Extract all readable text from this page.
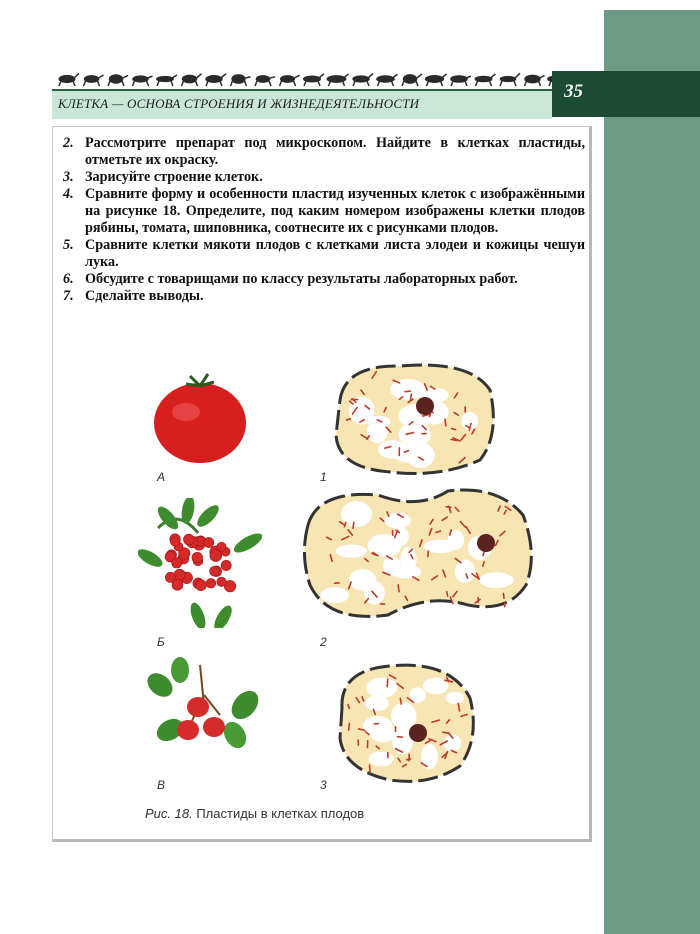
КЛЕТКА — ОСНОВА СТРОЕНИЯ И ЖИЗНЕДЕЯТЕЛЬНОСТИ
35
2. Рассмотрите препарат под микроскопом. Найдите в клетках пластиды, отметьте их окраску.
3. Зарисуйте строение клеток.
4. Сравните форму и особенности пластид изученных клеток с изображёнными на рисунке 18. Определите, под каким номером изображены клетки плодов рябины, томата, шиповника, соотнесите их с рисунками плодов.
5. Сравните клетки мякоти плодов с клетками листа элодеи и кожицы чешуи лука.
6. Обсудите с товарищами по классу результаты лабораторных работ.
7. Сделайте выводы.
А	1
Б	2
В	3
Рис. 18. Пластиды в клетках плодов
